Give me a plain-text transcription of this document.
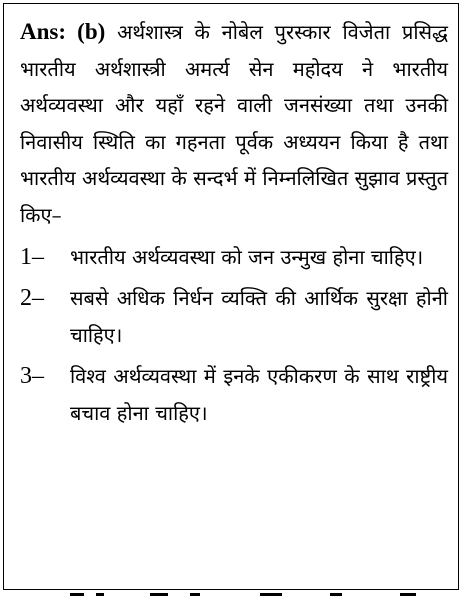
Ans: (b) अर्थशास्त्र के नोबेल पुरस्कार विजेता प्रसिद्ध भारतीय अर्थशास्त्री अमर्त्य सेन महोदय ने भारतीय अर्थव्यवस्था और यहाँ रहने वाली जनसंख्या तथा उनकी निवासीय स्थिति का गहनता पूर्वक अध्ययन किया है तथा भारतीय अर्थव्यवस्था के सन्दर्भ में निम्नलिखित सुझाव प्रस्तुत किए–

1–	भारतीय अर्थव्यवस्था को जन उन्मुख होना चाहिए।
2–	सबसे अधिक निर्धन व्यक्ति की आर्थिक सुरक्षा होनी चाहिए।
3–	विश्व अर्थव्यवस्था में इनके एकीकरण के साथ राष्ट्रीय बचाव होना चाहिए।
